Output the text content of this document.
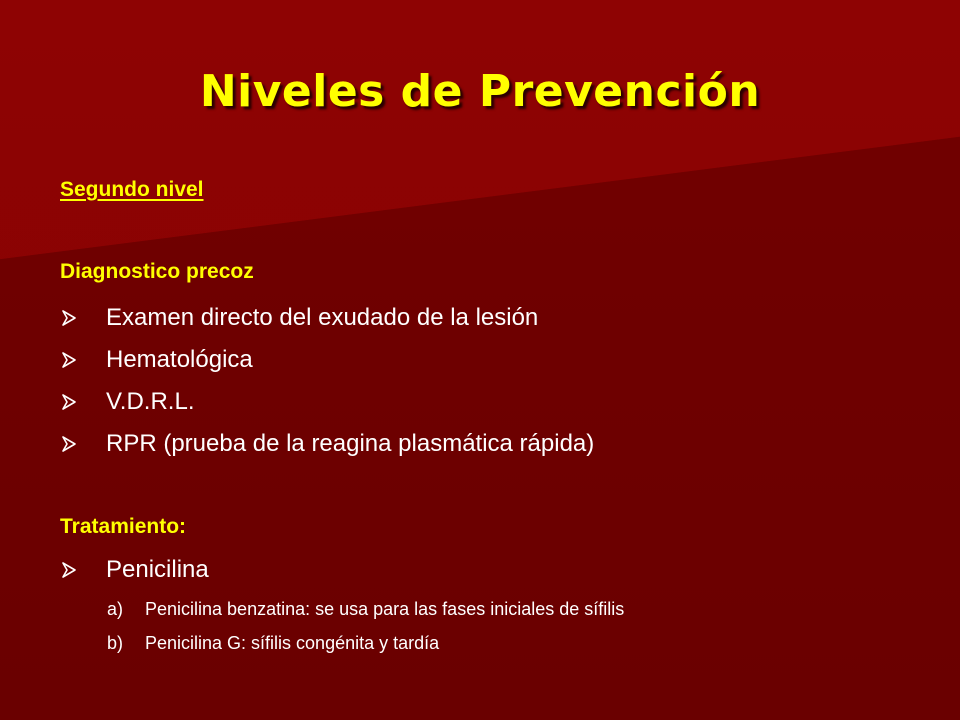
Niveles de Prevención
Segundo nivel
Diagnostico precoz
Examen directo del exudado de la lesión
Hematológica
V.D.R.L.
RPR (prueba de la reagina plasmática rápida)
Tratamiento:
Penicilina
a)	Penicilina benzatina: se usa para las fases iniciales de sífilis
b)	Penicilina G: sífilis congénita y tardía
